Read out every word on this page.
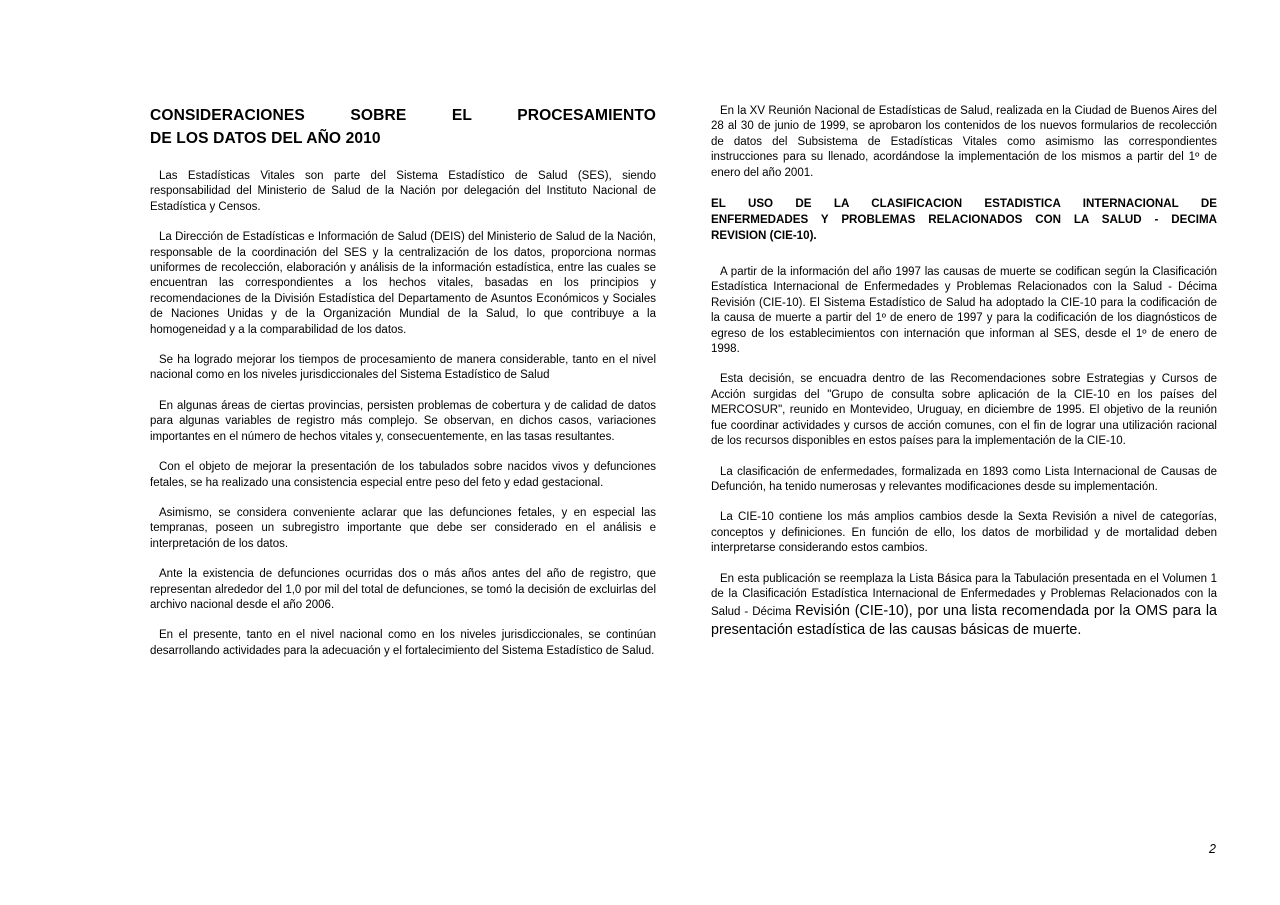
CONSIDERACIONES SOBRE EL PROCESAMIENTO
DE LOS DATOS DEL AÑO 2010

Las Estadísticas Vitales son parte del Sistema Estadístico de Salud (SES), siendo responsabilidad del Ministerio de Salud de la Nación por delegación del Instituto Nacional de Estadística y Censos.

La Dirección de Estadísticas e Información de Salud (DEIS) del Ministerio de Salud de la Nación, responsable de la coordinación del SES y la centralización de los datos, proporciona normas uniformes de recolección, elaboración y análisis de la información estadística, entre las cuales se encuentran las correspondientes a los hechos vitales, basadas en los principios y recomendaciones de la División Estadística del Departamento de Asuntos Económicos y Sociales de Naciones Unidas y de la Organización Mundial de la Salud, lo que contribuye a la homogeneidad y a la comparabilidad de los datos.

Se ha logrado mejorar los tiempos de procesamiento de manera considerable, tanto en el nivel nacional como en los niveles jurisdiccionales del Sistema Estadístico de Salud

En algunas áreas de ciertas provincias, persisten problemas de cobertura y de calidad de datos para algunas variables de registro más complejo. Se observan, en dichos casos, variaciones importantes en el número de hechos vitales y, consecuentemente, en las tasas resultantes.

Con el objeto de mejorar la presentación de los tabulados sobre nacidos vivos y defunciones fetales, se ha realizado una consistencia especial entre peso del feto y edad gestacional.

Asimismo, se considera conveniente aclarar que las defunciones fetales, y en especial las tempranas, poseen un subregistro importante que debe ser considerado en el análisis e interpretación de los datos.

Ante la existencia de defunciones ocurridas dos o más años antes del año de registro, que representan alrededor del 1,0 por mil del total de defunciones, se tomó la decisión de excluirlas del archivo nacional desde el año 2006.

En el presente, tanto en el nivel nacional como en los niveles jurisdiccionales, se continúan desarrollando actividades para la adecuación y el fortalecimiento del Sistema Estadístico de Salud.

En la XV Reunión Nacional de Estadísticas de Salud, realizada en la Ciudad de Buenos Aires del 28 al 30 de junio de 1999, se aprobaron los contenidos de los nuevos formularios de recolección de datos del Subsistema de Estadísticas Vitales como asimismo las correspondientes instrucciones para su llenado, acordándose la implementación de los mismos a partir del 1º de enero del año 2001.

EL USO DE LA CLASIFICACION ESTADISTICA INTERNACIONAL DE
ENFERMEDADES Y PROBLEMAS RELACIONADOS CON LA SALUD - DECIMA
REVISION (CIE-10).

A partir de la información del año 1997 las causas de muerte se codifican según la Clasificación Estadística Internacional de Enfermedades y Problemas Relacionados con la Salud - Décima Revisión (CIE-10). El Sistema Estadístico de Salud ha adoptado la CIE-10 para la codificación de la causa de muerte a partir del 1º de enero de 1997 y para la codificación de los diagnósticos de egreso de los establecimientos con internación que informan al SES, desde el 1º de enero de 1998.

Esta decisión, se encuadra dentro de las Recomendaciones sobre Estrategias y Cursos de Acción surgidas del "Grupo de consulta sobre aplicación de la CIE-10 en los países del MERCOSUR", reunido en Montevideo, Uruguay, en diciembre de 1995. El objetivo de la reunión fue coordinar actividades y cursos de acción comunes, con el fin de lograr una utilización racional de los recursos disponibles en estos países para la implementación de la CIE-10.

La clasificación de enfermedades, formalizada en 1893 como Lista Internacional de Causas de Defunción, ha tenido numerosas y relevantes modificaciones desde su implementación.

La CIE-10 contiene los más amplios cambios desde la Sexta Revisión a nivel de categorías, conceptos y definiciones. En función de ello, los datos de morbilidad y de mortalidad deben interpretarse considerando estos cambios.

En esta publicación se reemplaza la Lista Básica para la Tabulación presentada en el Volumen 1 de la Clasificación Estadística Internacional de Enfermedades y Problemas Relacionados con la Salud - Décima Revisión (CIE-10), por una lista recomendada por la OMS para la presentación estadística de las causas básicas de muerte.

2
